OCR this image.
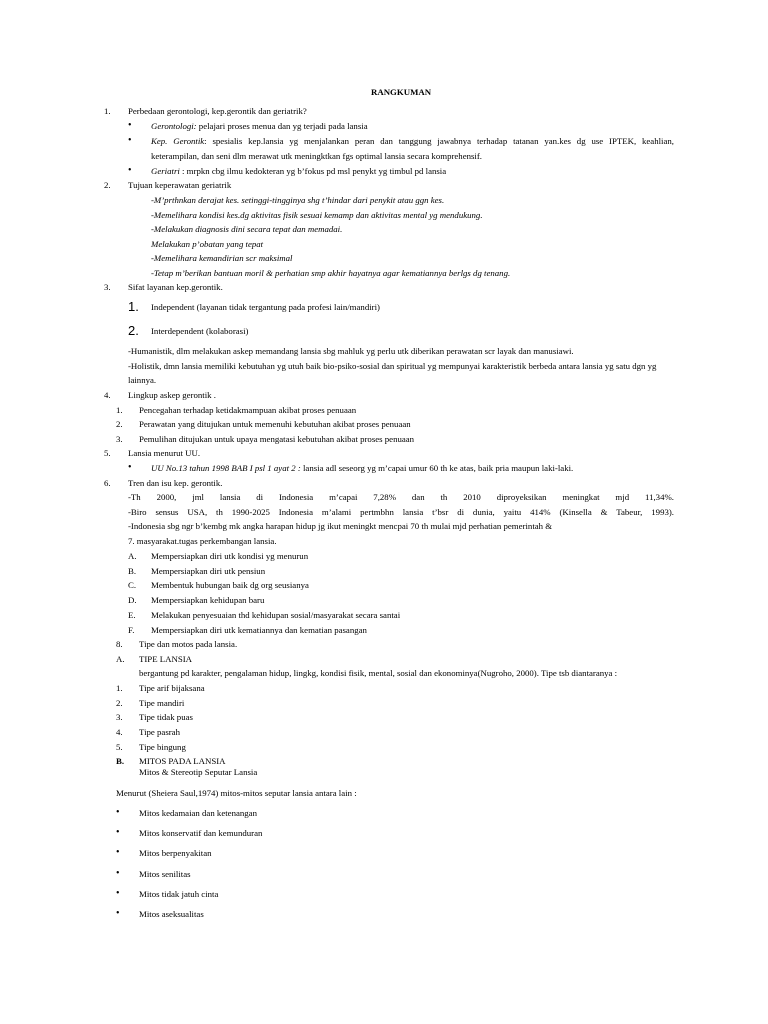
RANGKUMAN
1. Perbedaan gerontologi, kep.gerontik dan geriatrik?
• Gerontologi: pelajari proses menua dan yg terjadi pada lansia
• Kep. Gerontik: spesialis kep.lansia yg menjalankan peran dan tanggung jawabnya terhadap tatanan yan.kes dg use IPTEK, keahlian,
keterampilan, dan seni dlm merawat utk meningktkan fgs optimal lansia secara komprehensif.
• Geriatri : mrpkn cbg ilmu kedokteran yg b’fokus pd msl penykt yg timbul pd lansia
2. Tujuan keperawatan geriatrik
-M’prthnkan derajat kes. setinggi-tingginya shg t’hindar dari penykit atau ggn kes.
-Memelihara kondisi kes.dg aktivitas fisik sesuai kemamp dan aktivitas mental yg mendukung.
-Melakukan diagnosis dini secara tepat dan memadai.
Melakukan p’obatan yang tepat
-Memelihara kemandirian scr maksimal
-Tetap m’berikan bantuan moril & perhatian smp akhir hayatnya agar kematiannya berlgs dg tenang.
3. Sifat layanan kep.gerontik.
1. Independent (layanan tidak tergantung pada profesi lain/mandiri)
2. Interdependent (kolaborasi)
-Humanistik, dlm melakukan askep memandang lansia sbg mahluk yg perlu utk diberikan perawatan scr layak dan manusiawi.
-Holistik, dmn lansia memiliki kebutuhan yg utuh baik bio-psiko-sosial dan spiritual yg mempunyai karakteristik berbeda antara lansia yg satu dgn yg
lainnya.
4. Lingkup askep gerontik .
1. Pencegahan terhadap ketidakmampuan akibat proses penuaan
2. Perawatan yang ditujukan untuk memenuhi kebutuhan akibat proses penuaan
3. Pemulihan ditujukan untuk upaya mengatasi kebutuhan akibat proses penuaan
5. Lansia menurut UU.
• UU No.13 tahun 1998 BAB I psl 1 ayat 2 : lansia adl seseorg yg m’capai umur 60 th ke atas, baik pria maupun laki-laki.
6. Tren dan isu kep. gerontik.
-Th 2000, jml lansia di Indonesia m’capai 7,28% dan th 2010 diproyeksikan meningkat mjd 11,34%.
-Biro sensus USA, th 1990-2025 Indonesia m’alami pertmbhn lansia t’bsr di dunia, yaitu 414% (Kinsella & Tabeur, 1993).
-Indonesia sbg ngr b’kembg mk angka harapan hidup jg ikut meningkt mencpai 70 th mulai mjd perhatian pemerintah &
7. masyarakat.tugas perkembangan lansia.
A. Mempersiapkan diri utk kondisi yg menurun
B. Mempersiapkan diri utk pensiun
C. Membentuk hubungan baik dg org seusianya
D. Mempersiapkan kehidupan baru
E. Melakukan penyesuaian thd kehidupan sosial/masyarakat secara santai
F. Mempersiapkan diri utk kematiannya dan kematian pasangan
8. Tipe dan motos pada lansia.
A. TIPE LANSIA
bergantung pd karakter, pengalaman hidup, lingkg, kondisi fisik, mental, sosial dan ekonominya(Nugroho, 2000). Tipe tsb diantaranya :
1. Tipe arif bijaksana
2. Tipe mandiri
3. Tipe tidak puas
4. Tipe pasrah
5. Tipe bingung
B. MITOS PADA LANSIA
Mitos & Stereotip Seputar Lansia
Menurut (Sheiera Saul,1974) mitos-mitos seputar lansia antara lain :
• Mitos kedamaian dan ketenangan
• Mitos konservatif dan kemunduran
• Mitos berpenyakitan
• Mitos senilitas
• Mitos tidak jatuh cinta
• Mitos aseksualitas
